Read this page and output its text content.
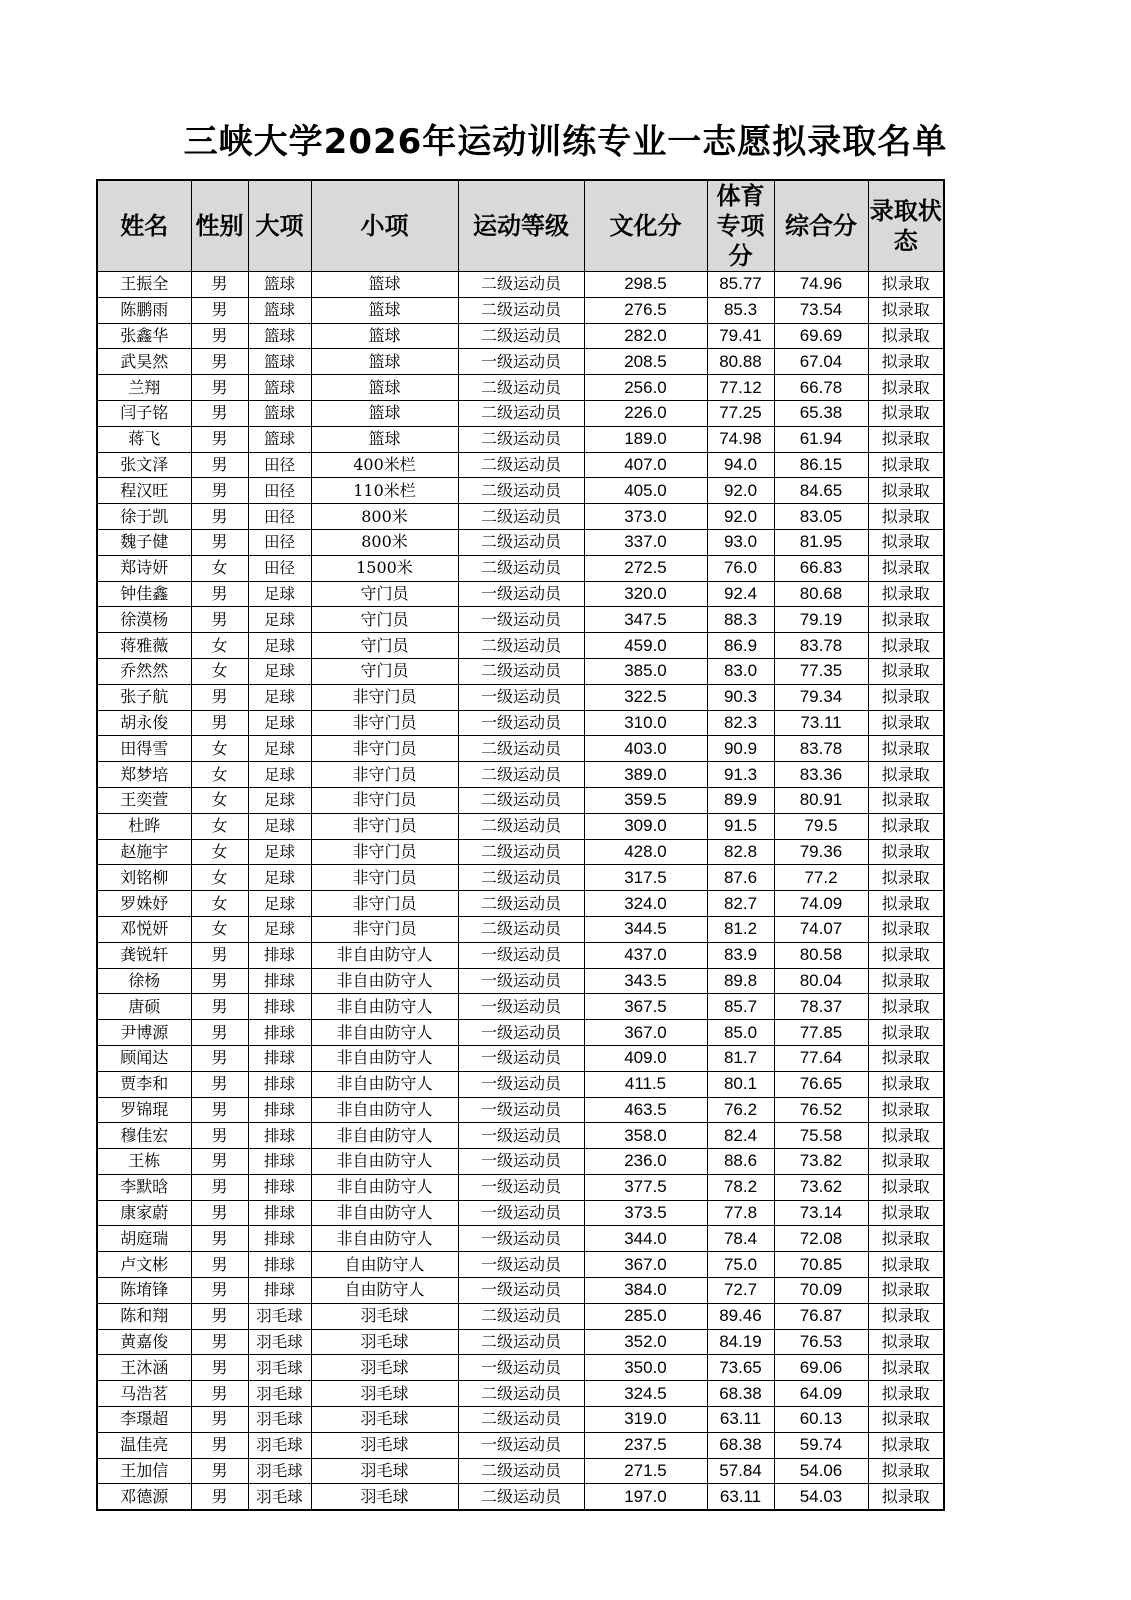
三峡大学2026年运动训练专业一志愿拟录取名单
姓名	性别	大项	小项	运动等级	文化分	体育专项分	综合分	录取状态
王振全	男	篮球	篮球	二级运动员	298.5	85.77	74.96	拟录取
陈鹏雨	男	篮球	篮球	二级运动员	276.5	85.3	73.54	拟录取
张鑫华	男	篮球	篮球	二级运动员	282.0	79.41	69.69	拟录取
武昊然	男	篮球	篮球	一级运动员	208.5	80.88	67.04	拟录取
兰翔	男	篮球	篮球	二级运动员	256.0	77.12	66.78	拟录取
闫子铭	男	篮球	篮球	二级运动员	226.0	77.25	65.38	拟录取
蒋飞	男	篮球	篮球	二级运动员	189.0	74.98	61.94	拟录取
张文泽	男	田径	400米栏	二级运动员	407.0	94.0	86.15	拟录取
程汉旺	男	田径	110米栏	二级运动员	405.0	92.0	84.65	拟录取
徐于凯	男	田径	800米	二级运动员	373.0	92.0	83.05	拟录取
魏子健	男	田径	800米	二级运动员	337.0	93.0	81.95	拟录取
郑诗妍	女	田径	1500米	二级运动员	272.5	76.0	66.83	拟录取
钟佳鑫	男	足球	守门员	一级运动员	320.0	92.4	80.68	拟录取
徐漠杨	男	足球	守门员	一级运动员	347.5	88.3	79.19	拟录取
蒋雅薇	女	足球	守门员	二级运动员	459.0	86.9	83.78	拟录取
乔然然	女	足球	守门员	二级运动员	385.0	83.0	77.35	拟录取
张子航	男	足球	非守门员	一级运动员	322.5	90.3	79.34	拟录取
胡永俊	男	足球	非守门员	一级运动员	310.0	82.3	73.11	拟录取
田得雪	女	足球	非守门员	二级运动员	403.0	90.9	83.78	拟录取
郑梦培	女	足球	非守门员	二级运动员	389.0	91.3	83.36	拟录取
王奕萱	女	足球	非守门员	二级运动员	359.5	89.9	80.91	拟录取
杜晔	女	足球	非守门员	二级运动员	309.0	91.5	79.5	拟录取
赵施宇	女	足球	非守门员	二级运动员	428.0	82.8	79.36	拟录取
刘铭柳	女	足球	非守门员	二级运动员	317.5	87.6	77.2	拟录取
罗姝妤	女	足球	非守门员	二级运动员	324.0	82.7	74.09	拟录取
邓悦妍	女	足球	非守门员	二级运动员	344.5	81.2	74.07	拟录取
龚锐轩	男	排球	非自由防守人	一级运动员	437.0	83.9	80.58	拟录取
徐杨	男	排球	非自由防守人	一级运动员	343.5	89.8	80.04	拟录取
唐硕	男	排球	非自由防守人	一级运动员	367.5	85.7	78.37	拟录取
尹博源	男	排球	非自由防守人	一级运动员	367.0	85.0	77.85	拟录取
顾闻达	男	排球	非自由防守人	一级运动员	409.0	81.7	77.64	拟录取
贾李和	男	排球	非自由防守人	一级运动员	411.5	80.1	76.65	拟录取
罗锦琨	男	排球	非自由防守人	一级运动员	463.5	76.2	76.52	拟录取
穆佳宏	男	排球	非自由防守人	一级运动员	358.0	82.4	75.58	拟录取
王栋	男	排球	非自由防守人	一级运动员	236.0	88.6	73.82	拟录取
李默晗	男	排球	非自由防守人	一级运动员	377.5	78.2	73.62	拟录取
康家蔚	男	排球	非自由防守人	一级运动员	373.5	77.8	73.14	拟录取
胡庭瑞	男	排球	非自由防守人	一级运动员	344.0	78.4	72.08	拟录取
卢文彬	男	排球	自由防守人	一级运动员	367.0	75.0	70.85	拟录取
陈堉锋	男	排球	自由防守人	一级运动员	384.0	72.7	70.09	拟录取
陈和翔	男	羽毛球	羽毛球	二级运动员	285.0	89.46	76.87	拟录取
黄嘉俊	男	羽毛球	羽毛球	二级运动员	352.0	84.19	76.53	拟录取
王沐涵	男	羽毛球	羽毛球	一级运动员	350.0	73.65	69.06	拟录取
马浩茗	男	羽毛球	羽毛球	二级运动员	324.5	68.38	64.09	拟录取
李璟超	男	羽毛球	羽毛球	二级运动员	319.0	63.11	60.13	拟录取
温佳亮	男	羽毛球	羽毛球	一级运动员	237.5	68.38	59.74	拟录取
王加信	男	羽毛球	羽毛球	二级运动员	271.5	57.84	54.06	拟录取
邓德源	男	羽毛球	羽毛球	二级运动员	197.0	63.11	54.03	拟录取
